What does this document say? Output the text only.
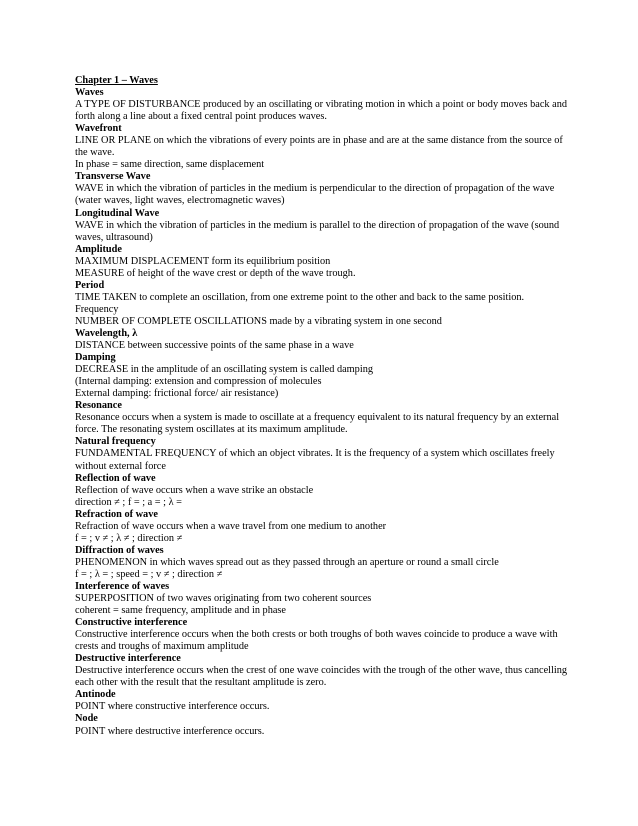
Chapter 1 – Waves
Waves
A TYPE OF DISTURBANCE produced by an oscillating or vibrating motion in which a point or body moves back and forth along a line about a fixed central point produces waves.
Wavefront
LINE OR PLANE on which the vibrations of every points are in phase and are at the same distance from the source of the wave.
In phase = same direction, same displacement
Transverse Wave
WAVE in which the vibration of particles in the medium is perpendicular to the direction of propagation of the wave (water waves, light waves, electromagnetic waves)
Longitudinal Wave
WAVE in which the vibration of particles in the medium is parallel to the direction of propagation of the wave (sound waves, ultrasound)
Amplitude
MAXIMUM DISPLACEMENT form its equilibrium position
MEASURE of height of the wave crest or depth of the wave trough.
Period
TIME TAKEN to complete an oscillation, from one extreme point to the other and back to the same position.
Frequency
NUMBER OF COMPLETE OSCILLATIONS made by a vibrating system in one second
Wavelength, λ
DISTANCE between successive points of the same phase in a wave
Damping
DECREASE in the amplitude of an oscillating system is called damping
(Internal damping: extension and compression of molecules
External damping: frictional force/ air resistance)
Resonance
Resonance occurs when a system is made to oscillate at a frequency equivalent to its natural frequency by an external force. The resonating system oscillates at its maximum amplitude.
Natural frequency
FUNDAMENTAL FREQUENCY of which an object vibrates. It is the frequency of a system which oscillates freely without external force
Reflection of wave
Reflection of wave occurs when a wave strike an obstacle
direction ≠ ; f = ; a = ; λ =
Refraction of wave
Refraction of wave occurs when a wave travel from one medium to another
f = ; v ≠ ; λ ≠ ; direction ≠
Diffraction of waves
PHENOMENON in which waves spread out as they passed through an aperture or round a small circle
f = ; λ = ; speed = ; v ≠ ; direction ≠
Interference of waves
SUPERPOSITION of two waves originating from two coherent sources
coherent = same frequency, amplitude and in phase
Constructive interference
Constructive interference occurs when the both crests or both troughs of both waves coincide to produce a wave with crests and troughs of maximum amplitude
Destructive interference
Destructive interference occurs when the crest of one wave coincides with the trough of the other wave, thus cancelling each other with the result that the resultant amplitude is zero.
Antinode
POINT where constructive interference occurs.
Node
POINT where destructive interference occurs.
